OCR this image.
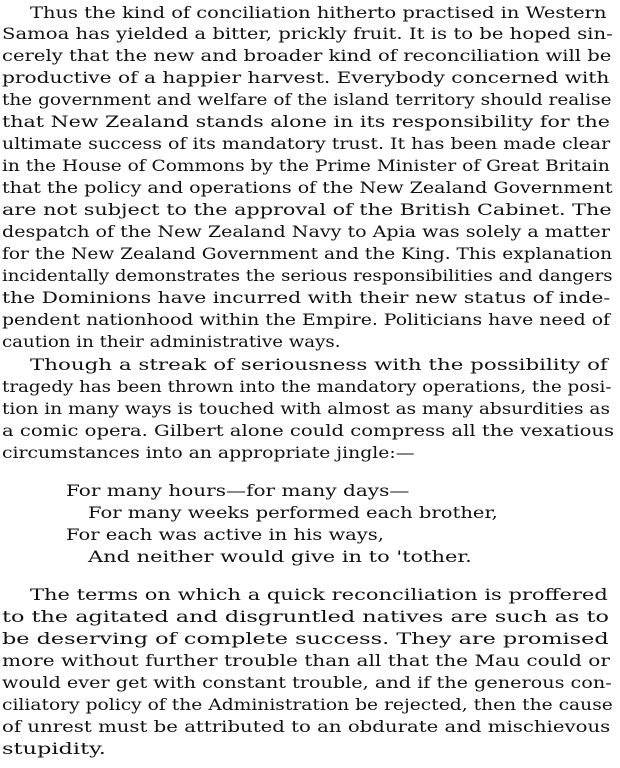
Thus the kind of conciliation hitherto practised in Western
Samoa has yielded a bitter, prickly fruit. It is to be hoped sin-
cerely that the new and broader kind of reconciliation will be
productive of a happier harvest. Everybody concerned with
the government and welfare of the island territory should realise
that New Zealand stands alone in its responsibility for the
ultimate success of its mandatory trust. It has been made clear
in the House of Commons by the Prime Minister of Great Britain
that the policy and operations of the New Zealand Government
are not subject to the approval of the British Cabinet. The
despatch of the New Zealand Navy to Apia was solely a matter
for the New Zealand Government and the King. This explanation
incidentally demonstrates the serious responsibilities and dangers
the Dominions have incurred with their new status of inde-
pendent nationhood within the Empire. Politicians have need of
caution in their administrative ways.
Though a streak of seriousness with the possibility of
tragedy has been thrown into the mandatory operations, the posi-
tion in many ways is touched with almost as many absurdities as
a comic opera. Gilbert alone could compress all the vexatious
circumstances into an appropriate jingle:—
For many hours—for many days—
For many weeks performed each brother,
For each was active in his ways,
And neither would give in to 'tother.
The terms on which a quick reconciliation is proffered
to the agitated and disgruntled natives are such as to
be deserving of complete success. They are promised
more without further trouble than all that the Mau could or
would ever get with constant trouble, and if the generous con-
ciliatory policy of the Administration be rejected, then the cause
of unrest must be attributed to an obdurate and mischievous
stupidity.
